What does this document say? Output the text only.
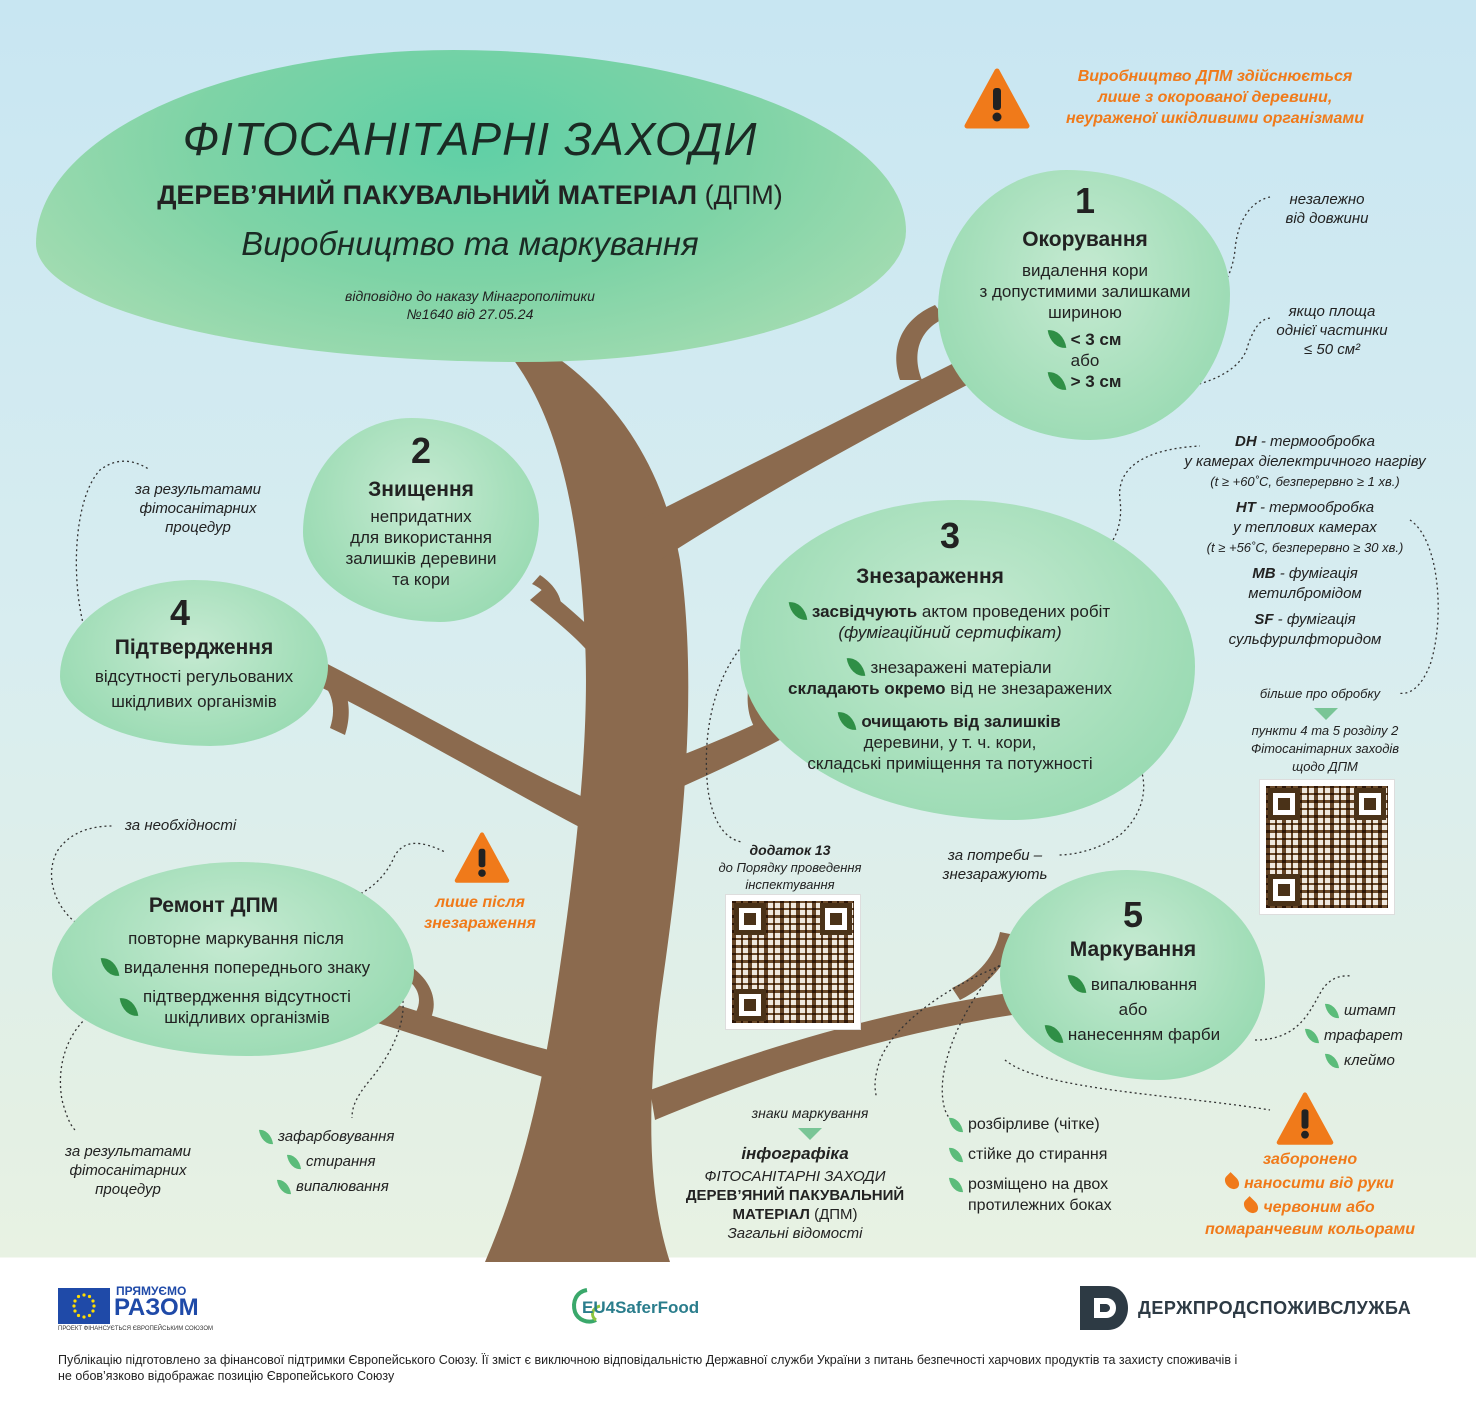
ФІТОСАНІТАРНІ ЗАХОДИ
ДЕРЕВ’ЯНИЙ ПАКУВАЛЬНИЙ МАТЕРІАЛ (ДПМ)
Виробництво та маркування
відповідно до наказу Мінагрополітики
№1640 від 27.05.24
Виробництво ДПМ здійснюється
лише з окорованої деревини,
неураженої шкідливими організмами
1
Окорування
видалення кори
з допустимими залишками
шириною
< 3 см
або
> 3 см
незалежно
від довжини
якщо площа
однієї частинки
≤ 50 см²
2
Знищення
непридатних
для використання
залишків деревини
та кори
3
Знезараження
засвідчують актом проведених робіт
(фумігаційний сертифікат)
знезаражені матеріали
складають окремо від не знезаражених
очищають від залишків
деревини, у т. ч. кори,
складські приміщення та потужності
за потреби –
знезаражують
DH - термообробка
у камерах діелектричного нагріву
(t ≥ +60˚С, безперервно ≥ 1 хв.)
HT - термообробка
у теплових камерах
(t ≥ +56˚С, безперервно ≥ 30 хв.)
MB - фумігація
метилбромідом
SF - фумігація
сульфурилфторидом
більше про обробку
пункти 4 та 5 розділу 2
Фітосанітарних заходів
щодо ДПМ
4
Підтвердження
відсутності регульованих
шкідливих організмів
за результатами
фітосанітарних
процедур
додаток 13
до Порядку проведення
інспектування
Ремонт ДПМ
повторне маркування після
видалення попереднього знаку
підтвердження відсутності
шкідливих організмів
за необхідності
лише після
знезараження
за результатами
фітосанітарних
процедур
зафарбовування
стирання
випалювання
5
Маркування
випалювання
або
нанесенням фарби
штамп
трафарет
клеймо
розбірливе (чітке)
стійке до стирання
розміщено на двох
протилежних боках
знаки маркування
інфографіка
ФІТОСАНІТАРНІ ЗАХОДИ
ДЕРЕВ’ЯНИЙ ПАКУВАЛЬНИЙ
МАТЕРІАЛ (ДПМ)
Загальні відомості
заборонено
наносити від руки
червоним або
помаранчевим кольорами
ПРЯМУЄМО
РАЗОМ
ПРОЕКТ ФІНАНСУЄТЬСЯ ЄВРОПЕЙСЬКИМ СОЮЗОМ
EU4SaferFood	ДЕРЖПРОДСПОЖИВСЛУЖБА
Публікацію підготовлено за фінансової підтримки Європейського Союзу. Її зміст є виключною відповідальністю Державної служби України з питань безпечності харчових продуктів та захисту споживачів і
не обов’язково відображає позицію Європейського Союзу
